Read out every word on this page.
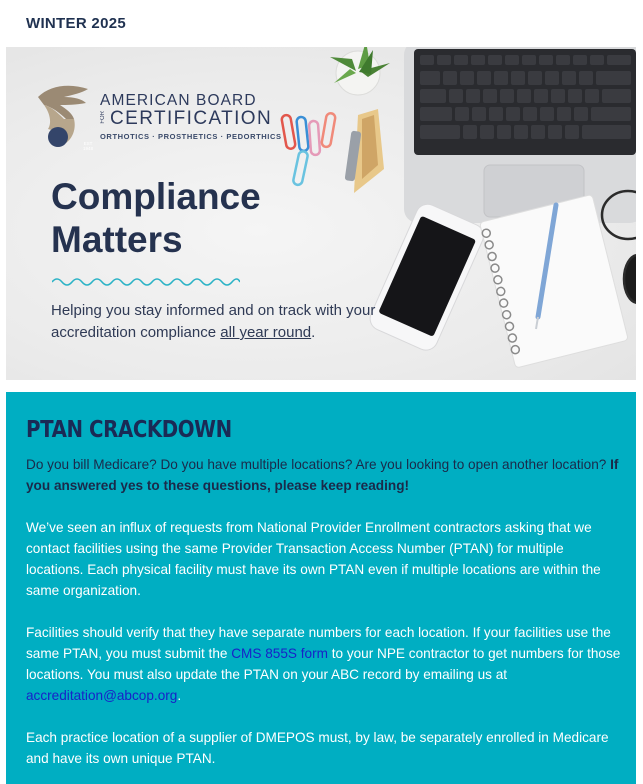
WINTER 2025
EST 1948
AMERICAN BOARD
FOR CERTIFICATION
ORTHOTICS · PROSTHETICS · PEDORTHICS
Compliance
Matters
Helping you stay informed and on track with your accreditation compliance all year round.
PTAN CRACKDOWN

Do you bill Medicare? Do you have multiple locations? Are you looking to open another location? If you answered yes to these questions, please keep reading!

We’ve seen an influx of requests from National Provider Enrollment contractors asking that we contact facilities using the same Provider Transaction Access Number (PTAN) for multiple locations. Each physical facility must have its own PTAN even if multiple locations are within the same organization.

Facilities should verify that they have separate numbers for each location. If your facilities use the same PTAN, you must submit the CMS 855S form to your NPE contractor to get numbers for those locations. You must also update the PTAN on your ABC record by emailing us at accreditation@abcop.org.

Each practice location of a supplier of DMEPOS must, by law, be separately enrolled in Medicare and have its own unique PTAN.
